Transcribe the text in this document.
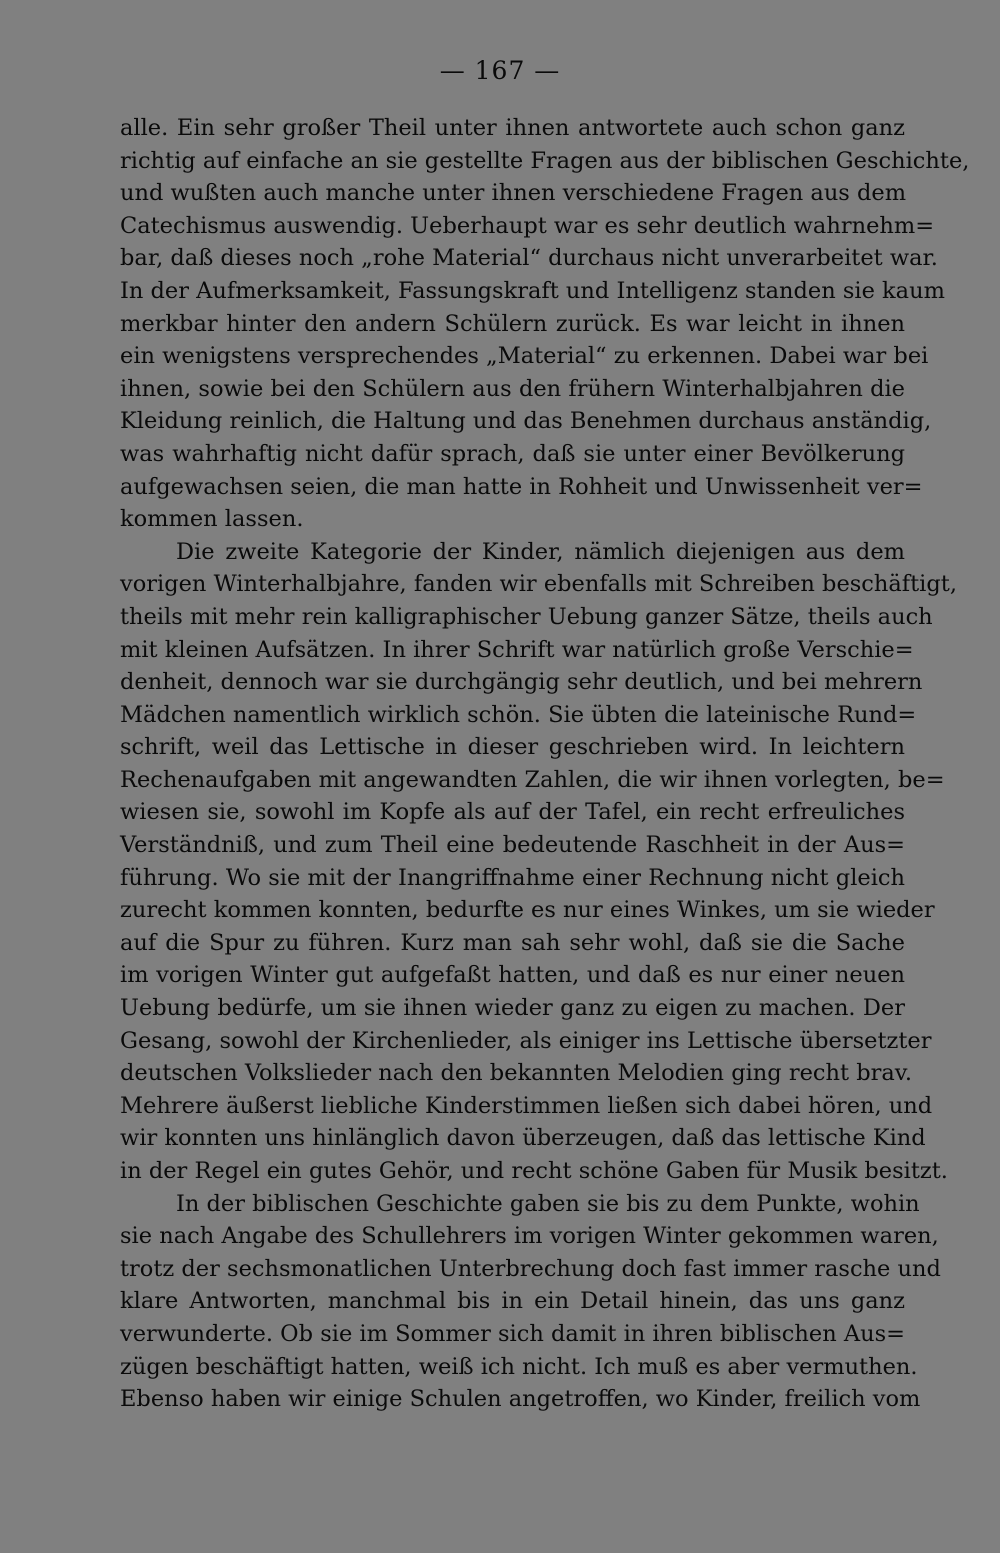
— 167 —
alle. Ein sehr großer Theil unter ihnen antwortete auch schon ganz
richtig auf einfache an sie gestellte Fragen aus der biblischen Geschichte,
und wußten auch manche unter ihnen verschiedene Fragen aus dem
Catechismus auswendig. Ueberhaupt war es sehr deutlich wahrnehm=
bar, daß dieses noch „rohe Material“ durchaus nicht unverarbeitet war.
In der Aufmerksamkeit, Fassungskraft und Intelligenz standen sie kaum
merkbar hinter den andern Schülern zurück. Es war leicht in ihnen
ein wenigstens versprechendes „Material“ zu erkennen. Dabei war bei
ihnen, sowie bei den Schülern aus den frühern Winterhalbjahren die
Kleidung reinlich, die Haltung und das Benehmen durchaus anständig,
was wahrhaftig nicht dafür sprach, daß sie unter einer Bevölkerung
aufgewachsen seien, die man hatte in Rohheit und Unwissenheit ver=
kommen lassen.
Die zweite Kategorie der Kinder, nämlich diejenigen aus dem
vorigen Winterhalbjahre, fanden wir ebenfalls mit Schreiben beschäftigt,
theils mit mehr rein kalligraphischer Uebung ganzer Sätze, theils auch
mit kleinen Aufsätzen. In ihrer Schrift war natürlich große Verschie=
denheit, dennoch war sie durchgängig sehr deutlich, und bei mehrern
Mädchen namentlich wirklich schön. Sie übten die lateinische Rund=
schrift, weil das Lettische in dieser geschrieben wird. In leichtern
Rechenaufgaben mit angewandten Zahlen, die wir ihnen vorlegten, be=
wiesen sie, sowohl im Kopfe als auf der Tafel, ein recht erfreuliches
Verständniß, und zum Theil eine bedeutende Raschheit in der Aus=
führung. Wo sie mit der Inangriffnahme einer Rechnung nicht gleich
zurecht kommen konnten, bedurfte es nur eines Winkes, um sie wieder
auf die Spur zu führen. Kurz man sah sehr wohl, daß sie die Sache
im vorigen Winter gut aufgefaßt hatten, und daß es nur einer neuen
Uebung bedürfe, um sie ihnen wieder ganz zu eigen zu machen. Der
Gesang, sowohl der Kirchenlieder, als einiger ins Lettische übersetzter
deutschen Volkslieder nach den bekannten Melodien ging recht brav.
Mehrere äußerst liebliche Kinderstimmen ließen sich dabei hören, und
wir konnten uns hinlänglich davon überzeugen, daß das lettische Kind
in der Regel ein gutes Gehör, und recht schöne Gaben für Musik besitzt.
In der biblischen Geschichte gaben sie bis zu dem Punkte, wohin
sie nach Angabe des Schullehrers im vorigen Winter gekommen waren,
trotz der sechsmonatlichen Unterbrechung doch fast immer rasche und
klare Antworten, manchmal bis in ein Detail hinein, das uns ganz
verwunderte. Ob sie im Sommer sich damit in ihren biblischen Aus=
zügen beschäftigt hatten, weiß ich nicht. Ich muß es aber vermuthen.
Ebenso haben wir einige Schulen angetroffen, wo Kinder, freilich vom
